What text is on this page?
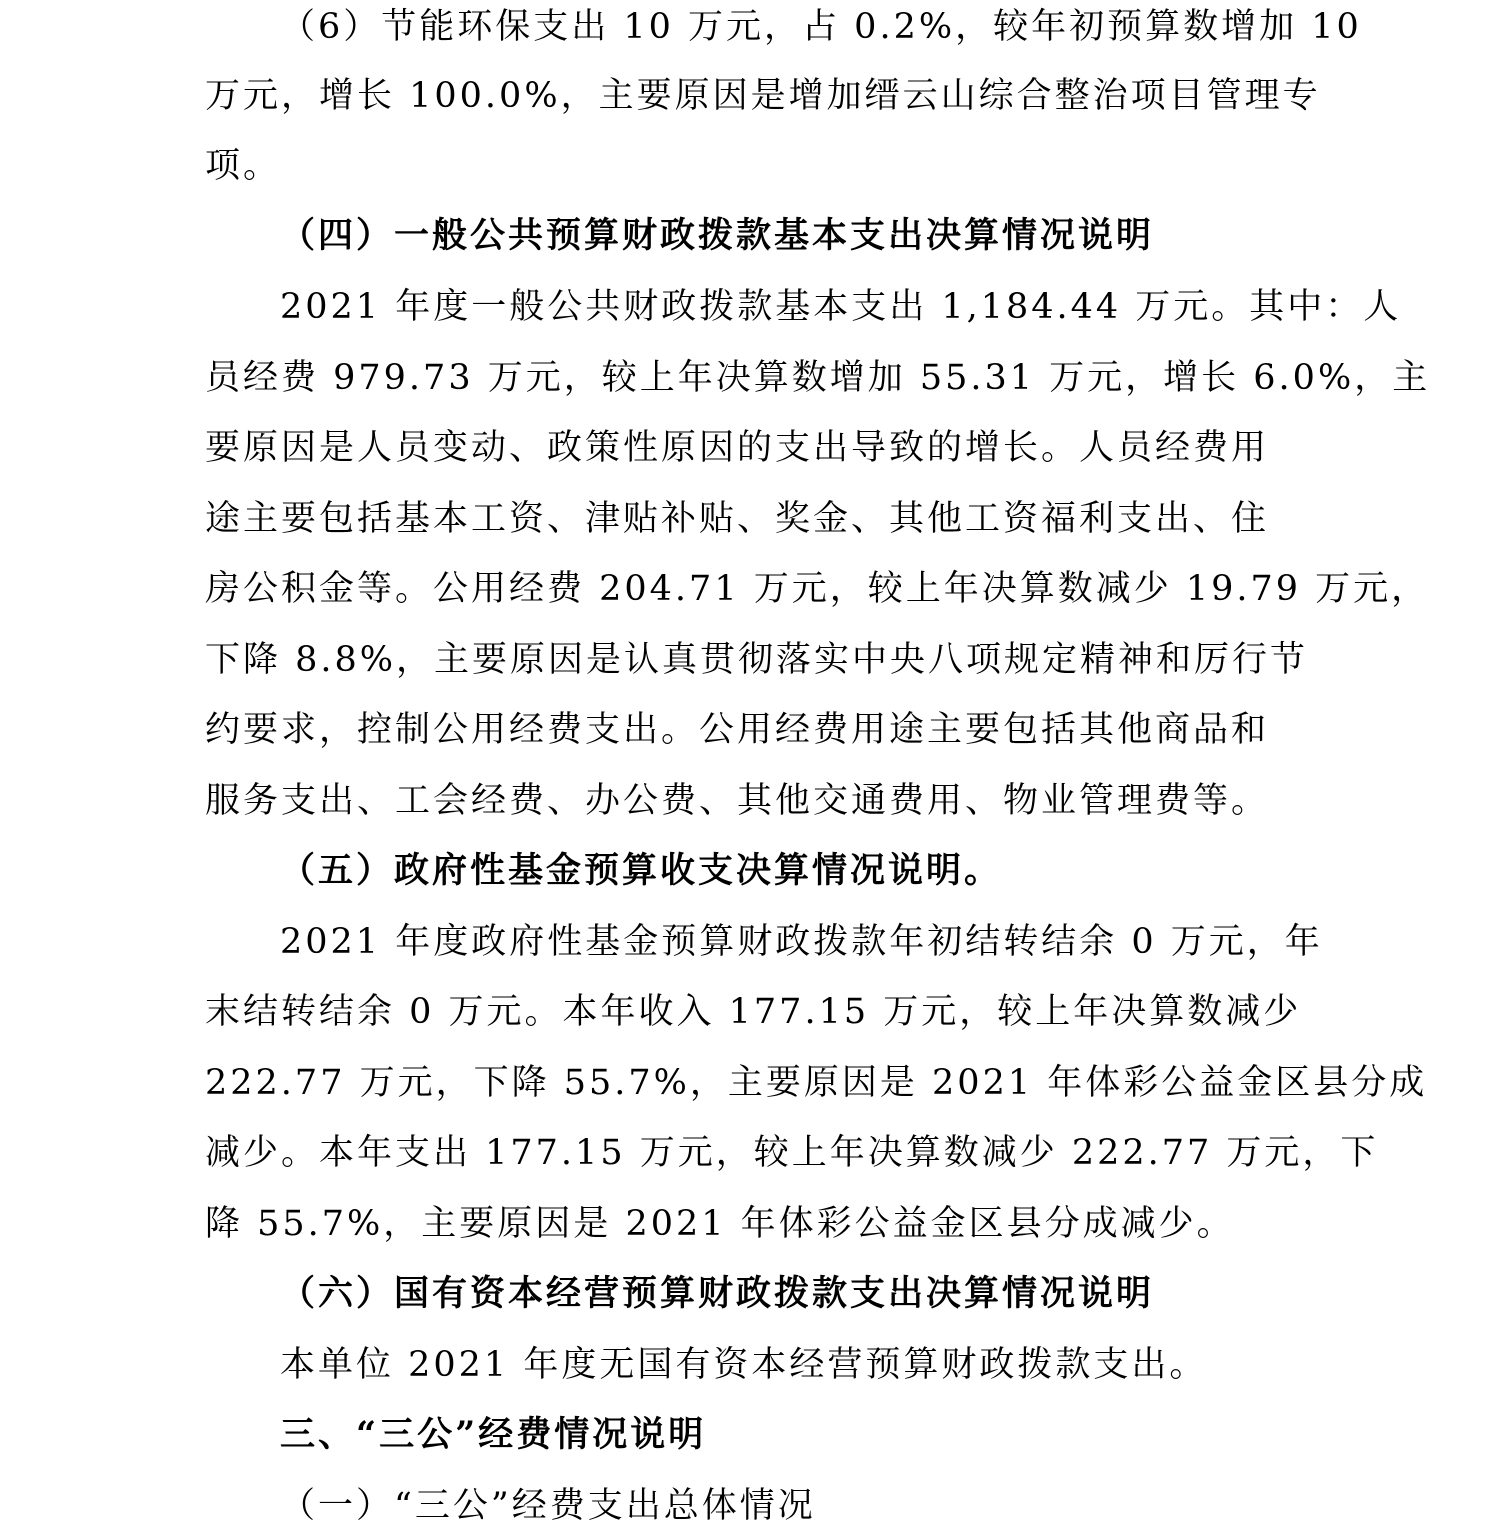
（6）节能环保支出 10 万元，占 0.2%，较年初预算数增加 10
万元，增长 100.0%，主要原因是增加缙云山综合整治项目管理专
项。
（四）一般公共预算财政拨款基本支出决算情况说明
2021 年度一般公共财政拨款基本支出 1,184.44 万元。其中：人
员经费 979.73 万元，较上年决算数增加 55.31 万元，增长 6.0%，主
要原因是人员变动、政策性原因的支出导致的增长。人员经费用
途主要包括基本工资、津贴补贴、奖金、其他工资福利支出、住
房公积金等。公用经费 204.71 万元，较上年决算数减少 19.79 万元，
下降 8.8%，主要原因是认真贯彻落实中央八项规定精神和厉行节
约要求，控制公用经费支出。公用经费用途主要包括其他商品和
服务支出、工会经费、办公费、其他交通费用、物业管理费等。
（五）政府性基金预算收支决算情况说明。
2021 年度政府性基金预算财政拨款年初结转结余 0 万元，年
末结转结余 0 万元。本年收入 177.15 万元，较上年决算数减少
222.77 万元，下降 55.7%，主要原因是 2021 年体彩公益金区县分成
减少。本年支出 177.15 万元，较上年决算数减少 222.77 万元，下
降 55.7%，主要原因是 2021 年体彩公益金区县分成减少。
（六）国有资本经营预算财政拨款支出决算情况说明
本单位 2021 年度无国有资本经营预算财政拨款支出。
三、“三公”经费情况说明
（一）“三公”经费支出总体情况
